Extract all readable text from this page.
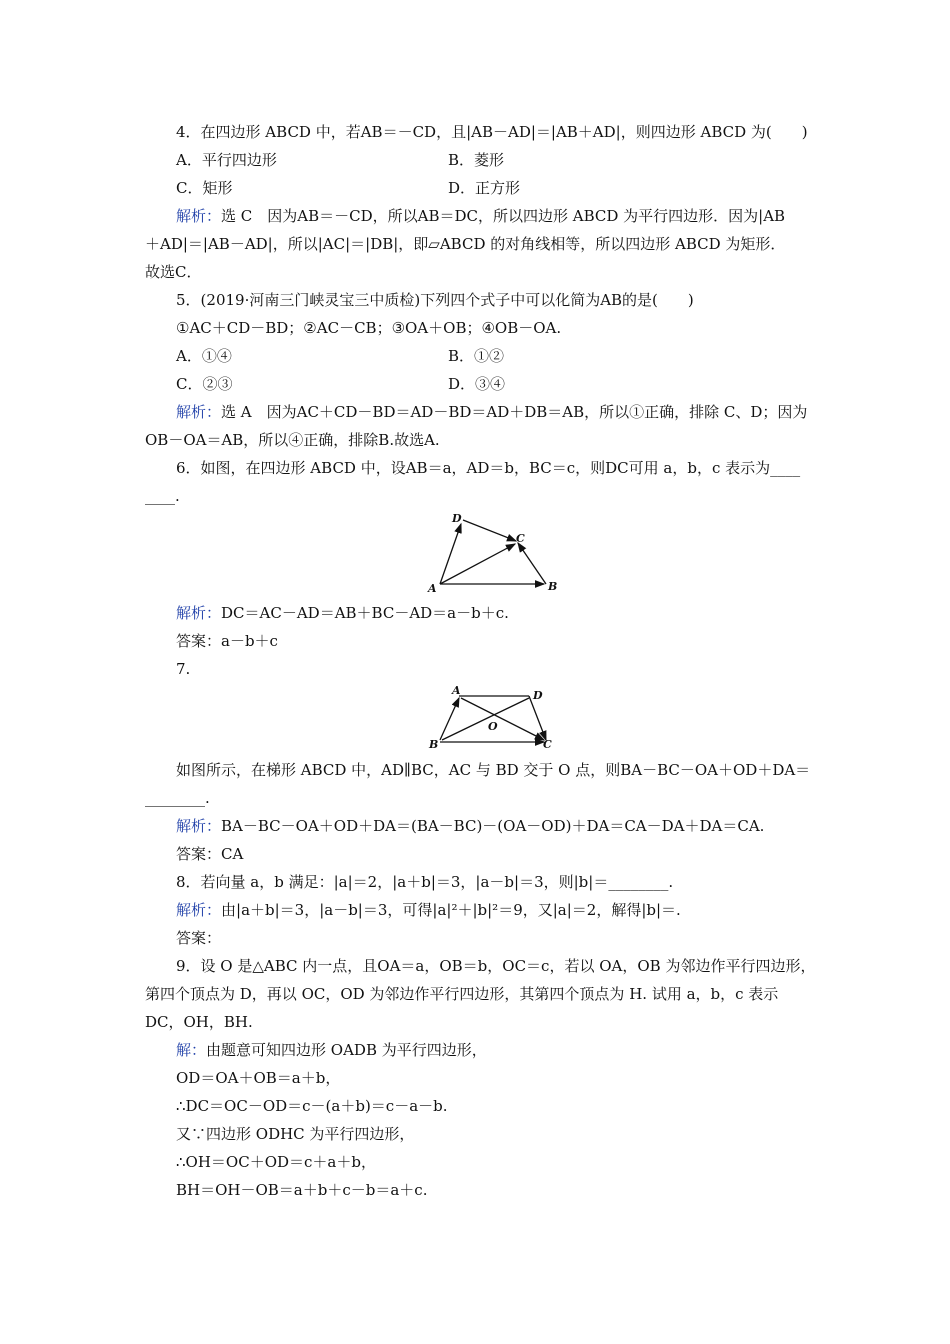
4．在四边形 ABCD 中，若AB＝－CD，且|AB－AD|＝|AB＋AD|，则四边形 ABCD 为(　　)
A．平行四边形	B．菱形
C．矩形	D．正方形
解析：选 C　因为AB＝－CD，所以AB＝DC，所以四边形 ABCD 为平行四边形．因为|AB
＋AD|＝|AB－AD|，所以|AC|＝|DB|，即▱ABCD 的对角线相等，所以四边形 ABCD 为矩形．
故选C．
5．(2019·河南三门峡灵宝三中质检)下列四个式子中可以化简为AB的是(　　)
①AC＋CD－BD；②AC－CB；③OA＋OB；④OB－OA.
A．①④	B．①②
C．②③	D．③④
解析：选 A　因为AC＋CD－BD＝AD－BD＝AD＋DB＝AB，所以①正确，排除 C、D；因为
OB－OA＝AB，所以④正确，排除B.故选A.
6．如图，在四边形 ABCD 中，设AB＝a，AD＝b，BC＝c，则DC可用 a，b，c 表示为____
____.
D
C
A	B
解析：DC＝AC－AD＝AB＋BC－AD＝a－b＋c.
答案：a－b＋c
7.
A	D
O
B	C
如图所示，在梯形 ABCD 中，AD∥BC，AC 与 BD 交于 O 点，则BA－BC－OA＋OD＋DA＝
________.
解析：BA－BC－OA＋OD＋DA＝(BA－BC)－(OA－OD)＋DA＝CA－DA＋DA＝CA.
答案：CA
8．若向量 a，b 满足：|a|＝2，|a＋b|＝3，|a－b|＝3，则|b|＝________.
解析：由|a＋b|＝3，|a－b|＝3，可得|a|²＋|b|²＝9，又|a|＝2，解得|b|＝.
答案：
9．设 O 是△ABC 内一点，且OA＝a，OB＝b，OC＝c，若以 OA，OB 为邻边作平行四边形，
第四个顶点为 D，再以 OC，OD 为邻边作平行四边形，其第四个顶点为 H. 试用 a，b，c 表示
DC，OH，BH.
解：由题意可知四边形 OADB 为平行四边形，
OD＝OA＋OB＝a＋b，
∴DC＝OC－OD＝c－(a＋b)＝c－a－b.
又∵四边形 ODHC 为平行四边形，
∴OH＝OC＋OD＝c＋a＋b，
BH＝OH－OB＝a＋b＋c－b＝a＋c.
